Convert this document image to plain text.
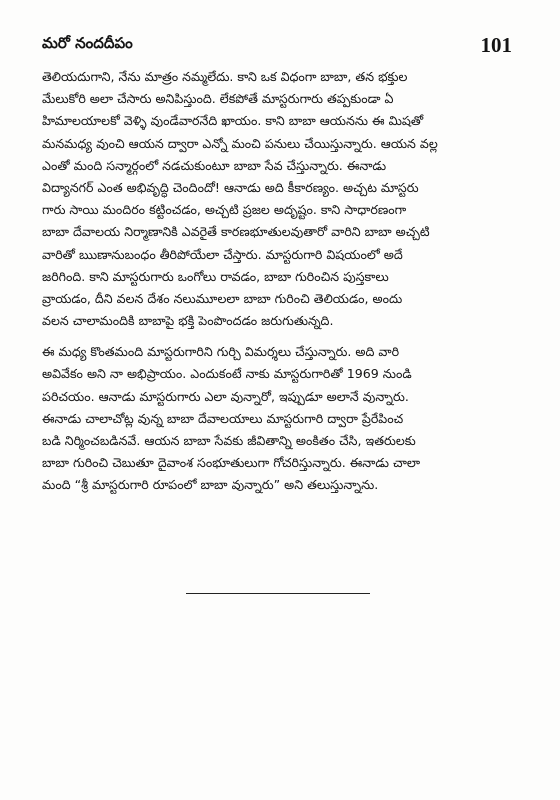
మరో నందదీపం	101
తెలియదుగాని, నేను మాత్రం నమ్మలేదు. కాని ఒక విధంగా బాబా, తన భక్తుల
మేలుకోరి అలా చేసారు అనిపిస్తుంది. లేకపోతే మాస్టరుగారు తప్పకుండా ఏ
హిమాలయాలకో వెళ్ళి వుండేవారనేది ఖాయం. కాని బాబా ఆయనను ఈ మిషతో
మనమధ్య వుంచి ఆయన ద్వారా ఎన్నో మంచి పనులు చేయిస్తున్నారు. ఆయన వల్ల
ఎంతో మంది సన్మార్గంలో నడచుకుంటూ బాబా సేవ చేస్తున్నారు. ఈనాడు
విద్యానగర్ ఎంత అభివృద్ధి చెందిందో! ఆనాడు అది కీకారణ్యం. అచ్చట మాస్టరు
గారు సాయి మందిరం కట్టించడం, అచ్చటి ప్రజల అదృష్టం. కాని సాధారణంగా
బాబా దేవాలయ నిర్మాణానికి ఎవరైతే కారణభూతులవుతారో వారిని బాబా అచ్చటి
వారితో ఋణానుబంధం తీరిపోయేలా చేస్తారు. మాస్టరుగారి విషయంలో అదే
జరిగింది. కాని మాస్టరుగారు ఒంగోలు రావడం, బాబా గురించిన పుస్తకాలు
వ్రాయడం, దీని వలన దేశం నలుమూలలా బాబా గురించి తెలియడం, అందు
వలన చాలామందికి బాబాపై భక్తి పెంపొందడం జరుగుతున్నది.
ఈ మధ్య కొంతమంది మాస్టరుగారిని గుర్చి విమర్శలు చేస్తున్నారు. అది వారి
అవివేకం అని నా అభిప్రాయం. ఎందుకంటే నాకు మాస్టరుగారితో 1969 నుండి
పరిచయం. ఆనాడు మాస్టరుగారు ఎలా వున్నారో, ఇప్పుడూ అలానే వున్నారు.
ఈనాడు చాలాచోట్ల వున్న బాబా దేవాలయాలు మాస్టరుగారి ద్వారా ప్రేరేపించ
బడి నిర్మించబడినవే. ఆయన బాబా సేవకు జీవితాన్ని అంకితం చేసి, ఇతరులకు
బాబా గురించి చెబుతూ దైవాంశ సంభూతులుగా గోచరిస్తున్నారు. ఈనాడు చాలా
మంది “శ్రీ మాస్టరుగారి రూపంలో బాబా వున్నారు” అని తలుస్తున్నాను.
